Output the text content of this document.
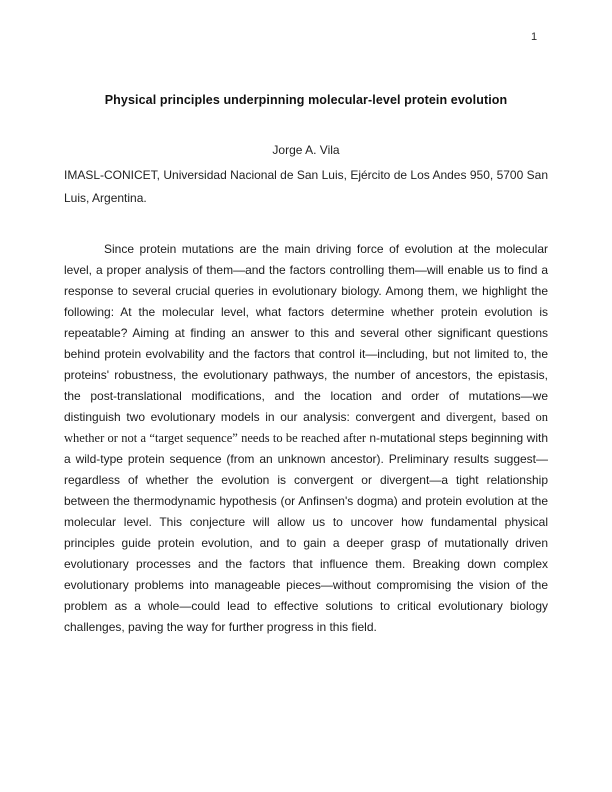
1
Physical principles underpinning molecular-level protein evolution
Jorge A. Vila
IMASL-CONICET, Universidad Nacional de San Luis, Ejército de Los Andes 950, 5700 San Luis, Argentina.

Since protein mutations are the main driving force of evolution at the molecular level, a proper analysis of them—and the factors controlling them—will enable us to find a response to several crucial queries in evolutionary biology. Among them, we highlight the following: At the molecular level, what factors determine whether protein evolution is repeatable? Aiming at finding an answer to this and several other significant questions behind protein evolvability and the factors that control it—including, but not limited to, the proteins' robustness, the evolutionary pathways, the number of ancestors, the epistasis, the post-translational modifications, and the location and order of mutations—we distinguish two evolutionary models in our analysis: convergent and divergent, based on whether or not a “target sequence” needs to be reached after n-mutational steps beginning with a wild-type protein sequence (from an unknown ancestor). Preliminary results suggest—regardless of whether the evolution is convergent or divergent—a tight relationship between the thermodynamic hypothesis (or Anfinsen's dogma) and protein evolution at the molecular level. This conjecture will allow us to uncover how fundamental physical principles guide protein evolution, and to gain a deeper grasp of mutationally driven evolutionary processes and the factors that influence them. Breaking down complex evolutionary problems into manageable pieces—without compromising the vision of the problem as a whole—could lead to effective solutions to critical evolutionary biology challenges, paving the way for further progress in this field.
